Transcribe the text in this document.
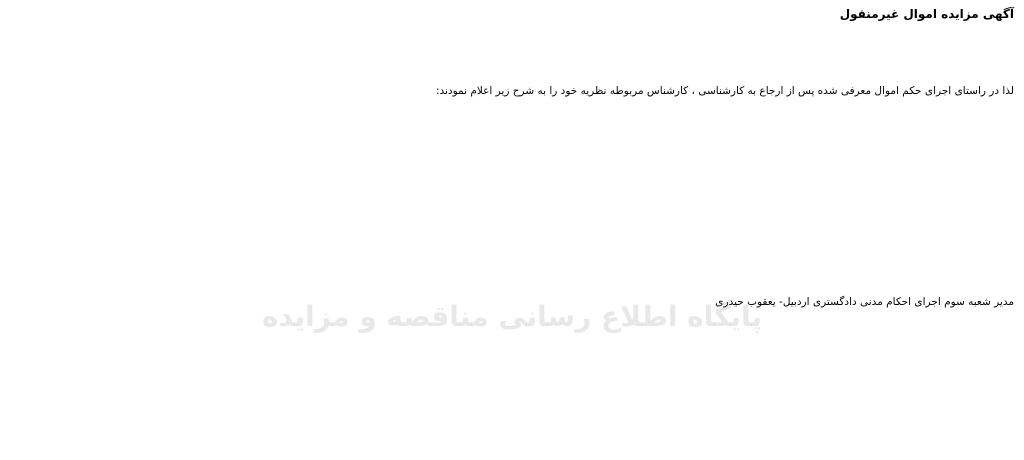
آگهی مزایده اموال غیرمنقول
لذا در راستای اجرای حکم اموال معرفی شده پس از ارجاع به کارشناسی ، کارشناس مربوطه نظریه خود را به شرح زیر اعلام نمودند:
مدیر شعبه سوم اجرای احکام مدنی دادگستری اردبیل- یعقوب حیدری
پایگاه اطلاع رسانی مناقصه و مزایده
